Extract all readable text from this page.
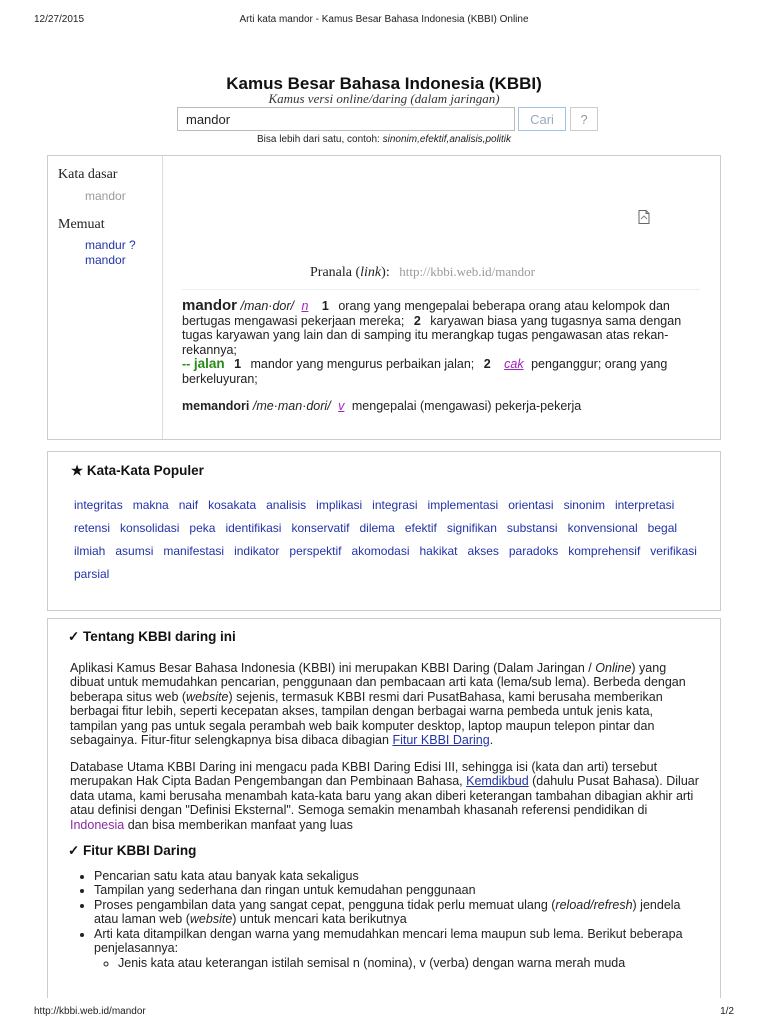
12/27/2015	Arti kata mandor - Kamus Besar Bahasa Indonesia (KBBI) Online
Kamus Besar Bahasa Indonesia (KBBI)
Kamus versi online/daring (dalam jaringan)
mandor
Cari	?
Bisa lebih dari satu, contoh: sinonim,efektif,analisis,politik
Kata dasar
mandor
Memuat
mandur ?
mandor
Pranala (link): http://kbbi.web.id/mandor
mandor /man·dor/ n 1 orang yang mengepalai beberapa orang atau kelompok dan bertugas mengawasi pekerjaan mereka; 2 karyawan biasa yang tugasnya sama dengan tugas karyawan yang lain dan di samping itu merangkap tugas pengawasan atas rekan-rekannya;
-- jalan 1 mandor yang mengurus perbaikan jalan; 2 cak penganggur; orang yang berkeluyuran;
memandori /me·man·dori/ v mengepalai (mengawasi) pekerja-pekerja
★ Kata-Kata Populer
integritas makna naif kosakata analisis implikasi integrasi implementasi orientasi sinonim interpretasiretensi konsolidasi peka identifikasi konservatif dilema efektif signifikan substansi konvensional begalilmiah asumsi manifestasi indikator perspektif akomodasi hakikat akses paradoks komprehensif verifikasiparsial
✓ Tentang KBBI daring ini

Aplikasi Kamus Besar Bahasa Indonesia (KBBI) ini merupakan KBBI Daring (Dalam Jaringan / Online) yang dibuat untuk memudahkan pencarian, penggunaan dan pembacaan arti kata (lema/sub lema). Berbeda dengan beberapa situs web (website) sejenis, termasuk KBBI resmi dari PusatBahasa, kami berusaha memberikan berbagai fitur lebih, seperti kecepatan akses, tampilan dengan berbagai warna pembeda untuk jenis kata, tampilan yang pas untuk segala perambah web baik komputer desktop, laptop maupun telepon pintar dan sebagainya. Fitur-fitur selengkapnya bisa dibaca dibagian Fitur KBBI Daring.

Database Utama KBBI Daring ini mengacu pada KBBI Daring Edisi III, sehingga isi (kata dan arti) tersebut merupakan Hak Cipta Badan Pengembangan dan Pembinaan Bahasa, Kemdikbud (dahulu Pusat Bahasa). Diluar data utama, kami berusaha menambah kata-kata baru yang akan diberi keterangan tambahan dibagian akhir arti atau definisi dengan "Definisi Eksternal". Semoga semakin menambah khasanah referensi pendidikan di Indonesia dan bisa memberikan manfaat yang luas

✓ Fitur KBBI Daring
• Pencarian satu kata atau banyak kata sekaligus
• Tampilan yang sederhana dan ringan untuk kemudahan penggunaan
• Proses pengambilan data yang sangat cepat, pengguna tidak perlu memuat ulang (reload/refresh) jendela atau laman web (website) untuk mencari kata berikutnya
• Arti kata ditampilkan dengan warna yang memudahkan mencari lema maupun sub lema. Berikut beberapa penjelasannya:
◦ Jenis kata atau keterangan istilah semisal n (nomina), v (verba) dengan warna merah muda
http://kbbi.web.id/mandor	1/2
